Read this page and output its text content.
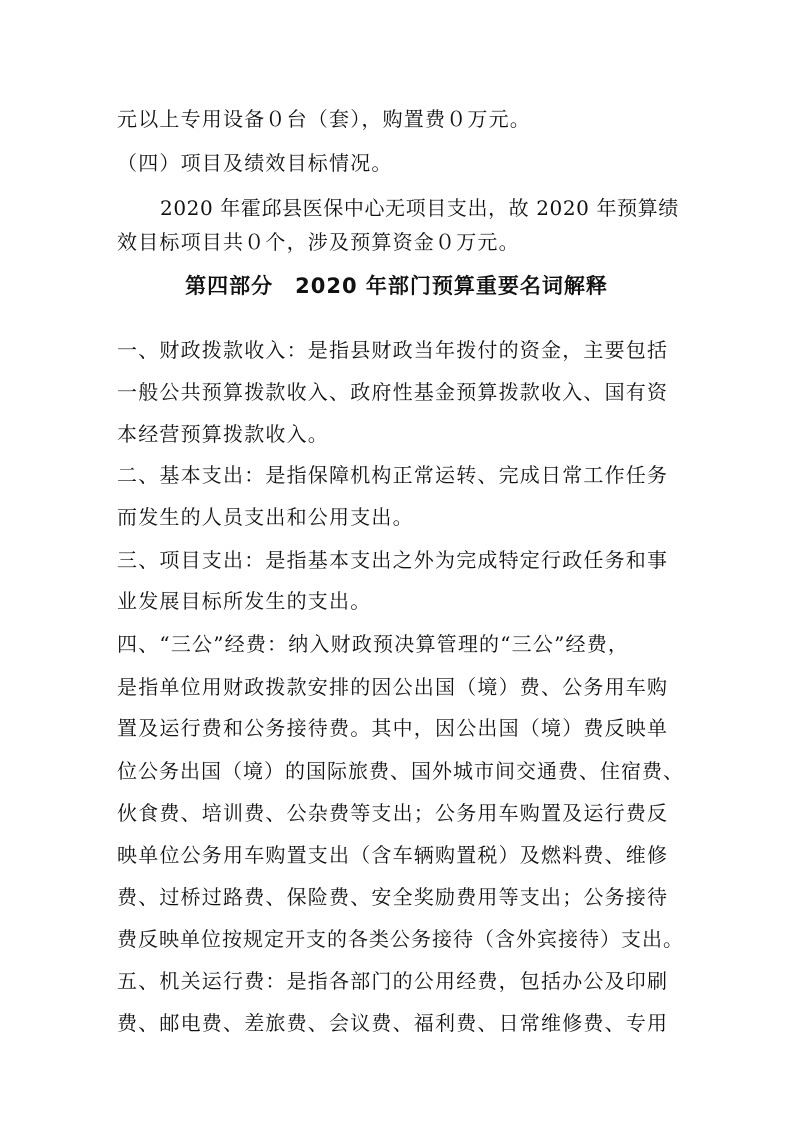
元以上专用设备０台（套），购置费０万元。
（四）项目及绩效目标情况。
2020 年霍邱县医保中心无项目支出，故 2020 年预算绩
效目标项目共０个，涉及预算资金０万元。
第四部分　2020 年部门预算重要名词解释
一、财政拨款收入：是指县财政当年拨付的资金，主要包括
一般公共预算拨款收入、政府性基金预算拨款收入、国有资
本经营预算拨款收入。
二、基本支出：是指保障机构正常运转、完成日常工作任务
而发生的人员支出和公用支出。
三、项目支出：是指基本支出之外为完成特定行政任务和事
业发展目标所发生的支出。
四、“三公”经费：纳入财政预决算管理的“三公”经费，
是指单位用财政拨款安排的因公出国（境）费、公务用车购
置及运行费和公务接待费。其中，因公出国（境）费反映单
位公务出国（境）的国际旅费、国外城市间交通费、住宿费、
伙食费、培训费、公杂费等支出；公务用车购置及运行费反
映单位公务用车购置支出（含车辆购置税）及燃料费、维修
费、过桥过路费、保险费、安全奖励费用等支出；公务接待
费反映单位按规定开支的各类公务接待（含外宾接待）支出。
五、机关运行费：是指各部门的公用经费，包括办公及印刷
费、邮电费、差旅费、会议费、福利费、日常维修费、专用
